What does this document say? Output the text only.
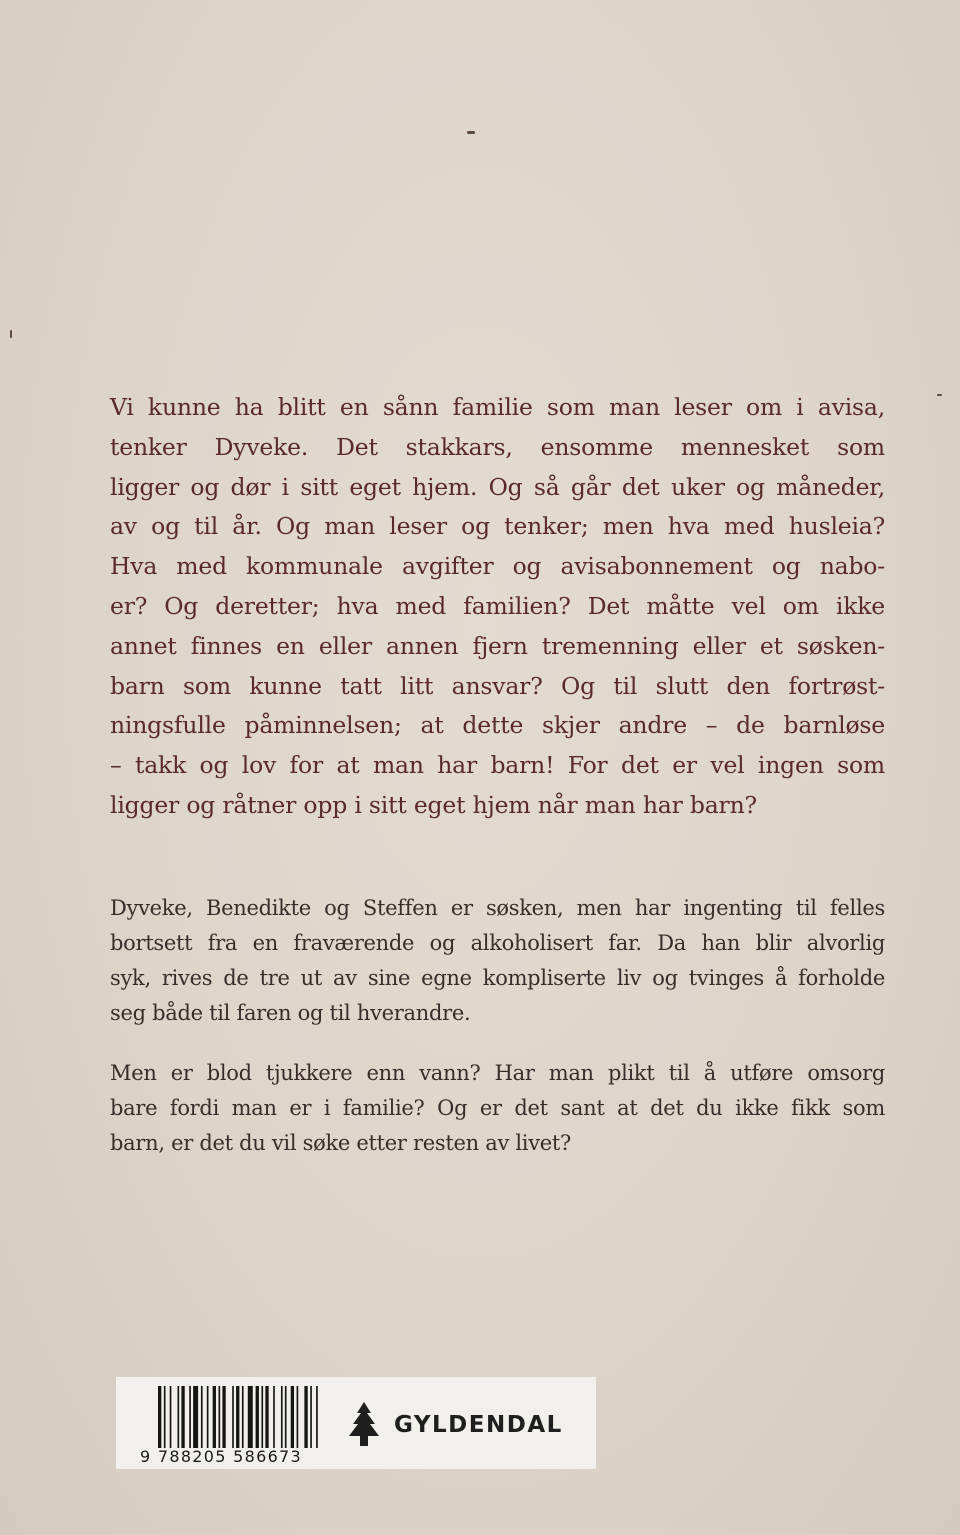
Vi kunne ha blitt en sånn familie som man leser om i avisa,
tenker Dyveke. Det stakkars, ensomme mennesket som
ligger og dør i sitt eget hjem. Og så går det uker og måneder,
av og til år. Og man leser og tenker; men hva med husleia?
Hva med kommunale avgifter og avisabonnement og nabo-
er? Og deretter; hva med familien? Det måtte vel om ikke
annet finnes en eller annen fjern tremenning eller et søsken-
barn som kunne tatt litt ansvar? Og til slutt den fortrøst-
ningsfulle påminnelsen; at dette skjer andre – de barnløse
– takk og lov for at man har barn! For det er vel ingen som
ligger og råtner opp i sitt eget hjem når man har barn?
Dyveke, Benedikte og Steffen er søsken, men har ingenting til felles
bortsett fra en fraværende og alkoholisert far. Da han blir alvorlig
syk, rives de tre ut av sine egne kompliserte liv og tvinges å forholde
seg både til faren og til hverandre.
Men er blod tjukkere enn vann? Har man plikt til å utføre omsorg
bare fordi man er i familie? Og er det sant at det du ikke fikk som
barn, er det du vil søke etter resten av livet?
9 788205 586673
GYLDENDAL
